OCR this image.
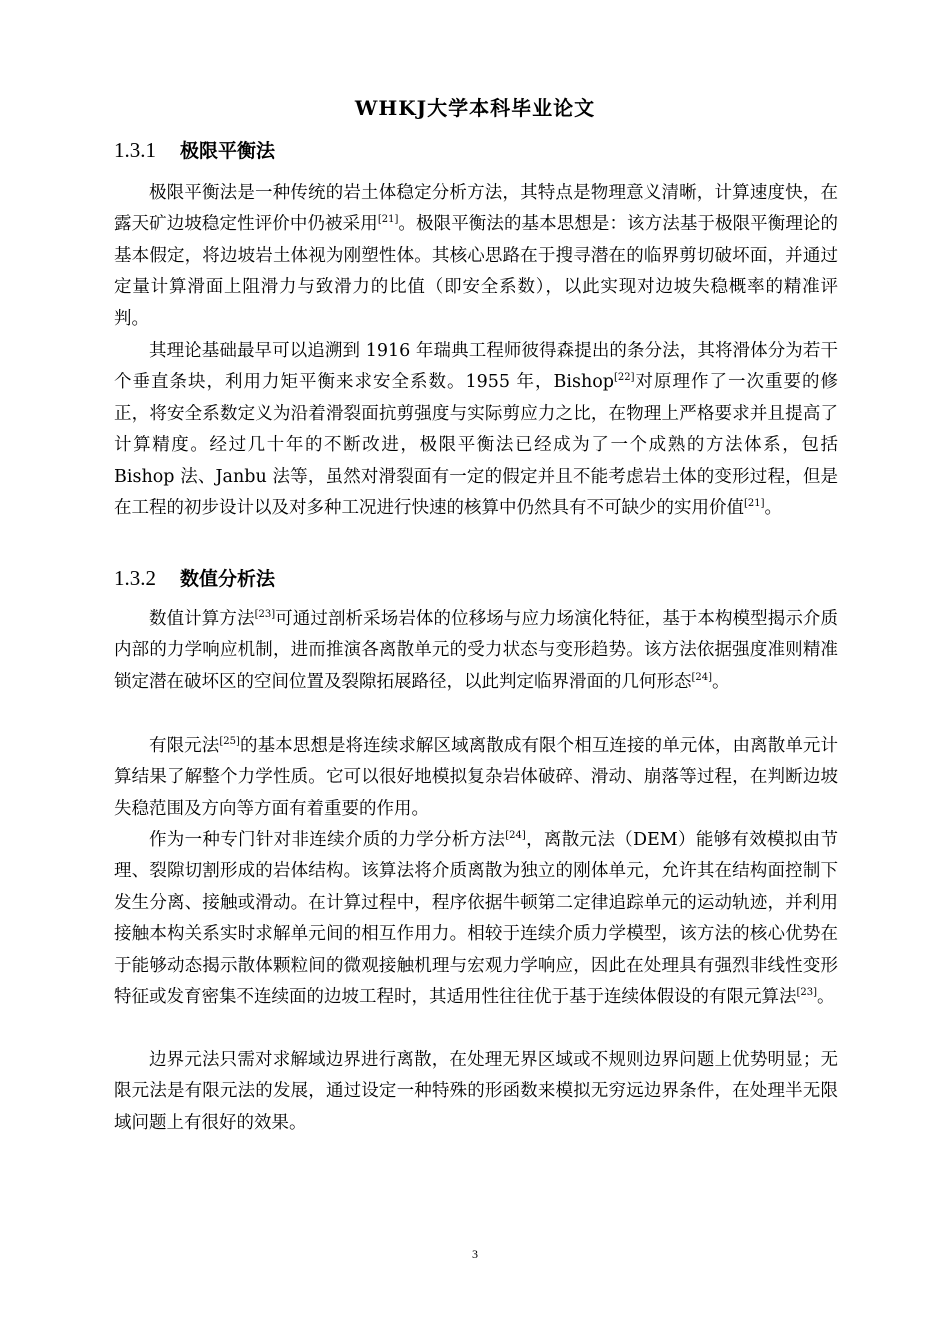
WHKJ大学本科毕业论文
1.3.1 极限平衡法

极限平衡法是一种传统的岩土体稳定分析方法，其特点是物理意义清晰，计算速度快，在露天矿边坡稳定性评价中仍被采用[21]。极限平衡法的基本思想是：该方法基于极限平衡理论的基本假定，将边坡岩土体视为刚塑性体。其核心思路在于搜寻潜在的临界剪切破坏面，并通过定量计算滑面上阻滑力与致滑力的比值（即安全系数），以此实现对边坡失稳概率的精准评判。

其理论基础最早可以追溯到 1916 年瑞典工程师彼得森提出的条分法，其将滑体分为若干个垂直条块，利用力矩平衡来求安全系数。1955 年，Bishop[22]对原理作了一次重要的修正，将安全系数定义为沿着滑裂面抗剪强度与实际剪应力之比，在物理上严格要求并且提高了计算精度。经过几十年的不断改进，极限平衡法已经成为了一个成熟的方法体系，包括 Bishop 法、Janbu 法等，虽然对滑裂面有一定的假定并且不能考虑岩土体的变形过程，但是在工程的初步设计以及对多种工况进行快速的核算中仍然具有不可缺少的实用价值[21]。

1.3.2 数值分析法

数值计算方法[23]可通过剖析采场岩体的位移场与应力场演化特征，基于本构模型揭示介质内部的力学响应机制，进而推演各离散单元的受力状态与变形趋势。该方法依据强度准则精准锁定潜在破坏区的空间位置及裂隙拓展路径，以此判定临界滑面的几何形态[24]。

有限元法[25]的基本思想是将连续求解区域离散成有限个相互连接的单元体，由离散单元计算结果了解整个力学性质。它可以很好地模拟复杂岩体破碎、滑动、崩落等过程，在判断边坡失稳范围及方向等方面有着重要的作用。

作为一种专门针对非连续介质的力学分析方法[24]，离散元法（DEM）能够有效模拟由节理、裂隙切割形成的岩体结构。该算法将介质离散为独立的刚体单元，允许其在结构面控制下发生分离、接触或滑动。在计算过程中，程序依据牛顿第二定律追踪单元的运动轨迹，并利用接触本构关系实时求解单元间的相互作用力。相较于连续介质力学模型，该方法的核心优势在于能够动态揭示散体颗粒间的微观接触机理与宏观力学响应，因此在处理具有强烈非线性变形特征或发育密集不连续面的边坡工程时，其适用性往往优于基于连续体假设的有限元算法[23]。

边界元法只需对求解域边界进行离散，在处理无界区域或不规则边界问题上优势明显；无限元法是有限元法的发展，通过设定一种特殊的形函数来模拟无穷远边界条件，在处理半无限域问题上有很好的效果。

3
